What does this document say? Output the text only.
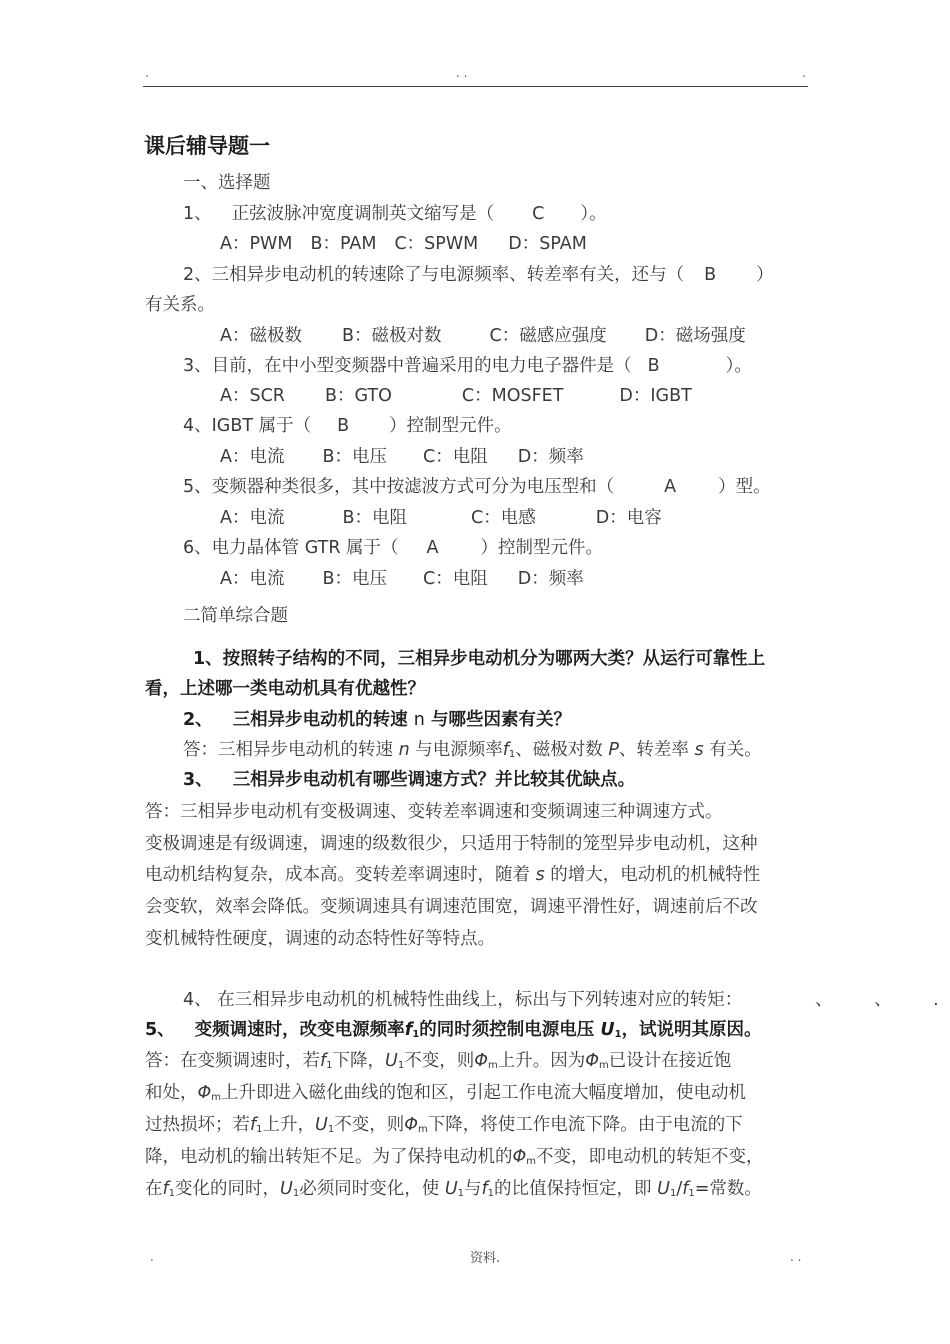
.	. .	.
课后辅导题一
一、选择题
1、 正弦波脉冲宽度调制英文缩写是（ C ）。
A：PWM B：PAM C：SPWM D：SPAM
2、三相异步电动机的转速除了与电源频率、转差率有关，还与（ B ）
有关系。
A：磁极数 B：磁极对数	C：磁感应强度 D：磁场强度
3、目前，在中小型变频器中普遍采用的电力电子器件是（ B	）。
A：SCR B：GTO	C：MOSFET	D：IGBT
4、IGBT 属于（ B ）控制型元件。
A：电流 B：电压 C：电阻 D：频率
5、变频器种类很多，其中按滤波方式可分为电压型和（	A ）型。
A：电流	B：电阻	C：电感	D：电容
6、电力晶体管 GTR 属于（ A ）控制型元件。
A：电流 B：电压 C：电阻 D：频率
二简单综合题
1、按照转子结构的不同，三相异步电动机分为哪两大类？从运行可靠性上
看，上述哪一类电动机具有优越性？
2、 三相异步电动机的转速 n 与哪些因素有关？
答：三相异步电动机的转速 n 与电源频率$f_1$、磁极对数 P、转差率 s 有关。
3、 三相异步电动机有哪些调速方式？并比较其优缺点。
答：三相异步电动机有变极调速、变转差率调速和变频调速三种调速方式。
变极调速是有级调速，调速的级数很少，只适用于特制的笼型异步电动机，这种
电动机结构复杂，成本高。变转差率调速时，随着 s 的增大，电动机的机械特性
会变软，效率会降低。变频调速具有调速范围宽，调速平滑性好，调速前后不改
变机械特性硬度，调速的动态特性好等特点。
4、 在三相异步电动机的机械特性曲线上，标出与下列转速对应的转矩：	、 、 .
5、 变频调速时，改变电源频率$f_1$的同时须控制电源电压 $U_1$，试说明其原因。
答：在变频调速时，若$f_1$下降，$U_1$不变，则$\Phi_m$上升。因为$\Phi_m$已设计在接近饱
和处，$\Phi_m$上升即进入磁化曲线的饱和区，引起工作电流大幅度增加，使电动机
过热损坏；若$f_1$上升，$U_1$不变，则$\Phi_m$下降，将使工作电流下降。由于电流的下
降，电动机的输出转矩不足。为了保持电动机的$\Phi_m$不变，即电动机的转矩不变，
在$f_1$变化的同时，$U_1$必须同时变化，使 $U_1$与$f_1$的比值保持恒定，即 $U_1/f_1=$常数。
.	资料.	. .
